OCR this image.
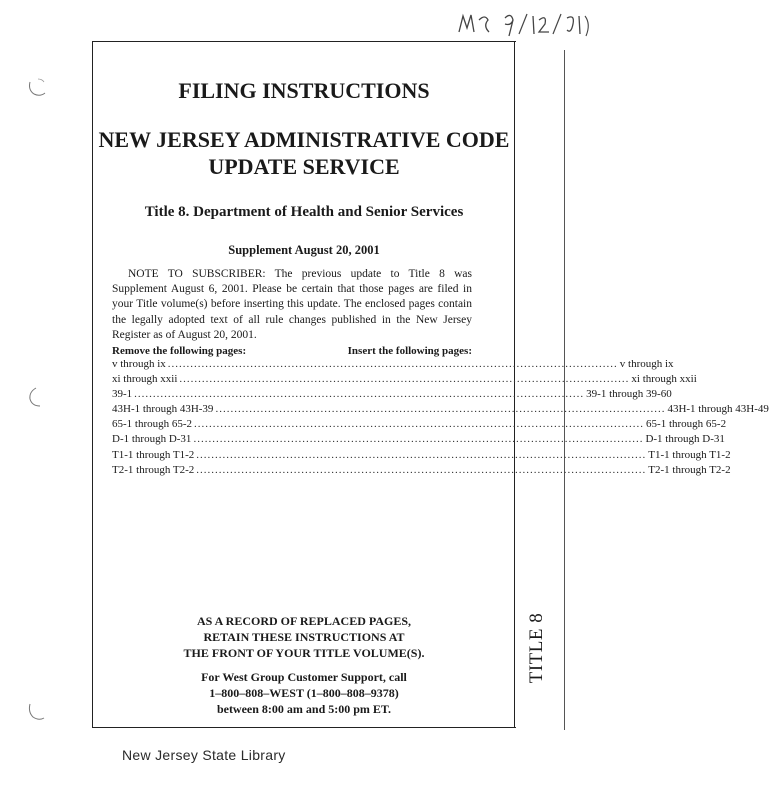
TITLE 8
FILING INSTRUCTIONS
NEW JERSEY ADMINISTRATIVE CODE
UPDATE SERVICE
Title 8. Department of Health and Senior Services
Supplement August 20, 2001
NOTE TO SUBSCRIBER: The previous update to Title 8 was Supplement August 6, 2001. Please be certain that those pages are filed in your Title volume(s) before inserting this update. The enclosed pages contain the legally adopted text of all rule changes published in the New Jersey Register as of August 20, 2001.
Remove the following pages:	Insert the following pages:
v through ix ........................................................................................................................ v through ix
xi through xxii ........................................................................................................................ xi through xxii
39-1 ........................................................................................................................ 39-1 through 39-60
43H-1 through 43H-39 ........................................................................................................................ 43H-1 through 43H-49
65-1 through 65-2 ........................................................................................................................ 65-1 through 65-2
D-1 through D-31 ........................................................................................................................ D-1 through D-31
T1-1 through T1-2 ........................................................................................................................ T1-1 through T1-2
T2-1 through T2-2 ........................................................................................................................ T2-1 through T2-2
AS A RECORD OF REPLACED PAGES,
RETAIN THESE INSTRUCTIONS AT
THE FRONT OF YOUR TITLE VOLUME(S).
For West Group Customer Support, call
1–800–808–WEST (1–800–808–9378)
between 8:00 am and 5:00 pm ET.
New Jersey State Library
